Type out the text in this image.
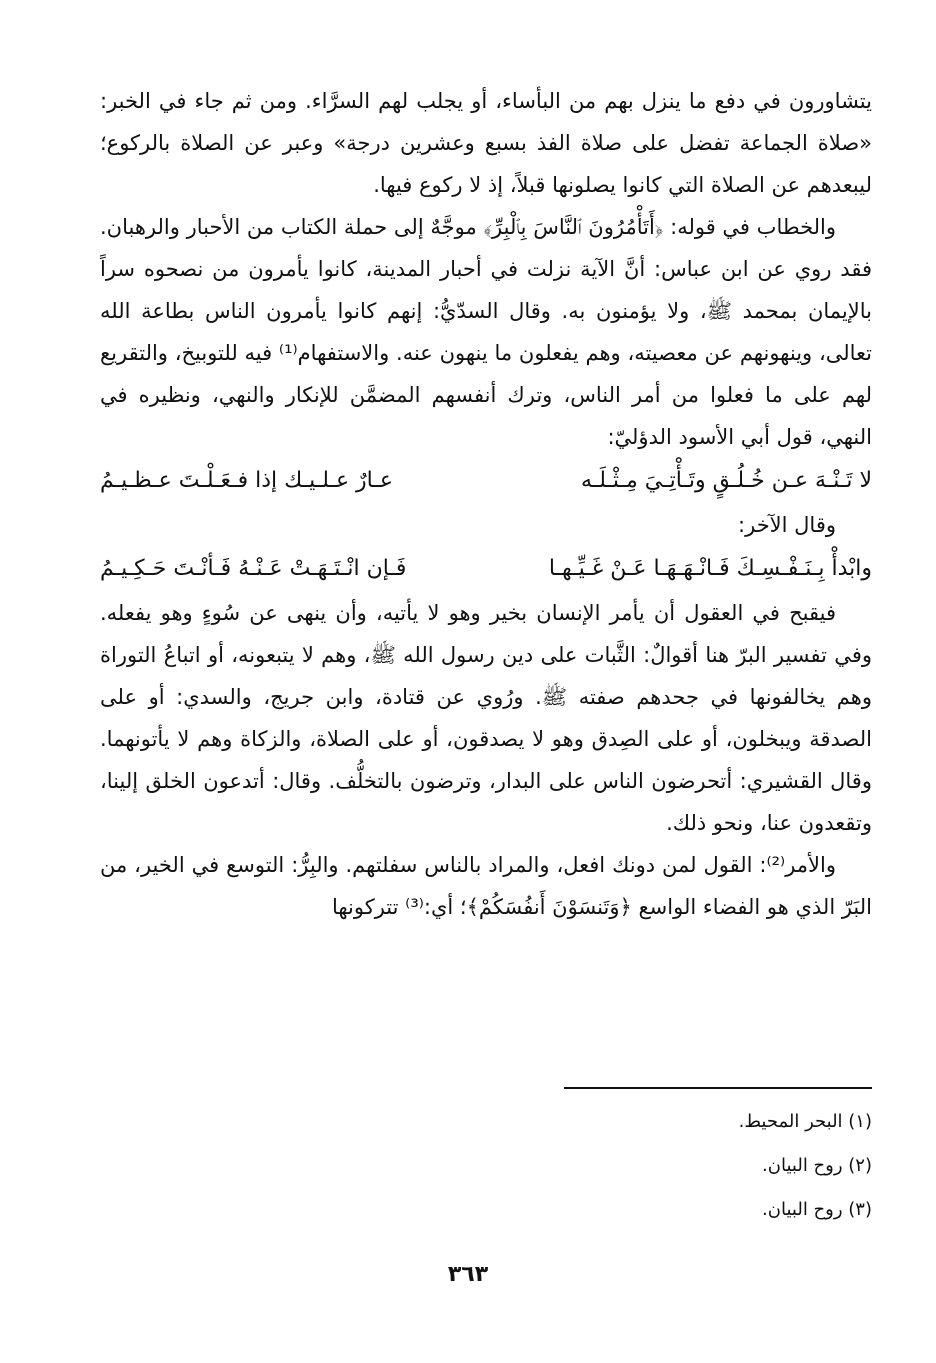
يتشاورون في دفع ما ينزل بهم من البأساء، أو يجلب لهم السرَّاء. ومن ثم جاء في الخبر: «صلاة الجماعة تفضل على صلاة الفذ بسبع وعشرين درجة» وعبر عن الصلاة بالركوع؛ ليبعدهم عن الصلاة التي كانوا يصلونها قبلاً، إذ لا ركوع فيها.

والخطاب في قوله: ﴿أَتَأْمُرُونَ ٱلنَّاسَ بِٱلْبِرِّ﴾ موجَّهٌ إلى حملة الكتاب من الأحبار والرهبان. فقد روي عن ابن عباس: أنَّ الآية نزلت في أحبار المدينة، كانوا يأمرون من نصحوه سراً بالإيمان بمحمد ﷺ، ولا يؤمنون به. وقال السدّيُّ: إنهم كانوا يأمرون الناس بطاعة الله تعالى، وينهونهم عن معصيته، وهم يفعلون ما ينهون عنه. والاستفهام⁽¹⁾ فيه للتوبيخ، والتقريع لهم على ما فعلوا من أمر الناس، وترك أنفسهم المضمَّن للإنكار والنهي، ونظيره في النهي، قول أبي الأسود الدؤليّ:

لا تَـنْـهَ عـن خُـلُـقٍ وتَـأْتِـيَ مِـثْـلَـه
عـارٌ عـلـيـك إذا فـعَـلْـتَ عـظـيـمُ

وقال الآخر:

وابْدأْ بِـنَـفْـسِـكَ فَـانْـهَـهَـا عَـنْ غَـيِّـهـا
فَـإن انْـتَـهَـتْ عَـنْـهُ فَـأنْـتَ حَـكِـيـمُ

فيقبح في العقول أن يأمر الإنسان بخير وهو لا يأتيه، وأن ينهى عن سُوءٍ وهو يفعله. وفي تفسير البرّ هنا أقوالٌ: الثَّبات على دين رسول الله ﷺ، وهم لا يتبعونه، أو اتباعُ التوراة وهم يخالفونها في جحدهم صفته ﷺ. ورُوي عن قتادة، وابن جريج، والسدي: أو على الصدقة ويبخلون، أو على الصِدق وهو لا يصدقون، أو على الصلاة، والزكاة وهم لا يأتونهما. وقال القشيري: أتحرضون الناس على البدار، وترضون بالتخلُّف. وقال: أتدعون الخلق إلينا، وتقعدون عنا، ونحو ذلك.

والأمر⁽²⁾: القول لمن دونك افعل، والمراد بالناس سفلتهم. والبِرُّ: التوسع في الخير، من البَرّ الذي هو الفضاء الواسع ﴿وَتَنسَوْنَ أَنفُسَكُمْ﴾؛ أي:⁽³⁾ تتركونها

(١) البحر المحيط.
(٢) روح البيان.
(٣) روح البيان.
٣٦٣
